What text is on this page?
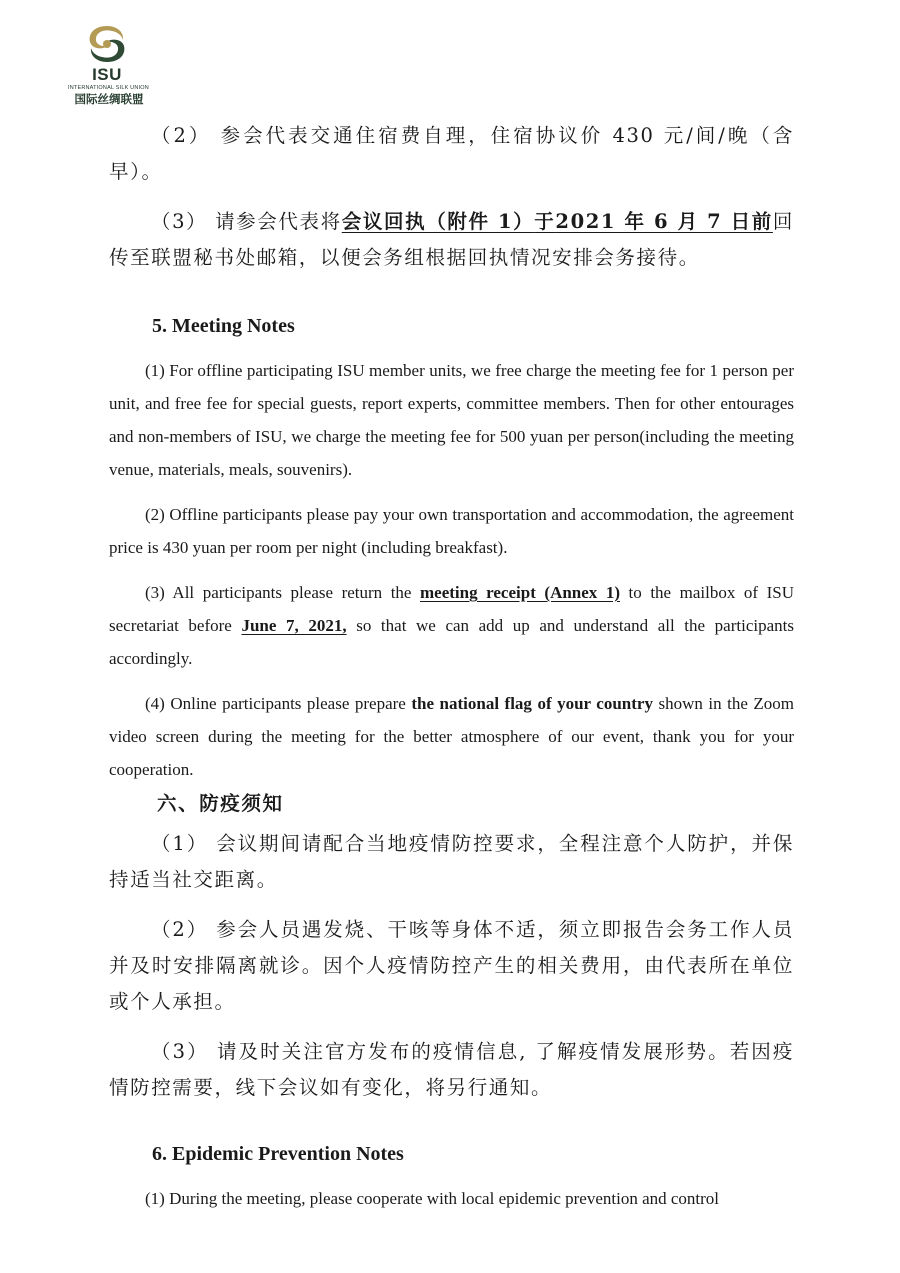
ISU
INTERNATIONAL SILK UNION
国际丝绸联盟

（2） 参会代表交通住宿费自理，住宿协议价 430 元/间/晚（含早）。

（3） 请参会代表将会议回执（附件 1）于2021 年 6 月 7 日前回传至联盟秘书处邮箱，以便会务组根据回执情况安排会务接待。

5. Meeting Notes

(1) For offline participating ISU member units, we free charge the meeting fee for 1 person per unit, and free fee for special guests, report experts, committee members. Then for other entourages and non-members of ISU, we charge the meeting fee for 500 yuan per person(including the meeting venue, materials, meals, souvenirs).

(2) Offline participants please pay your own transportation and accommodation, the agreement price is 430 yuan per room per night (including breakfast).

(3) All participants please return the meeting receipt (Annex 1) to the mailbox of ISU secretariat before June 7, 2021, so that we can add up and understand all the participants accordingly.

(4) Online participants please prepare the national flag of your country shown in the Zoom video screen during the meeting for the better atmosphere of our event, thank you for your cooperation.

六、防疫须知

（1） 会议期间请配合当地疫情防控要求，全程注意个人防护，并保持适当社交距离。

（2） 参会人员遇发烧、干咳等身体不适，须立即报告会务工作人员并及时安排隔离就诊。因个人疫情防控产生的相关费用，由代表所在单位或个人承担。

（3） 请及时关注官方发布的疫情信息, 了解疫情发展形势。若因疫情防控需要，线下会议如有变化，将另行通知。

6. Epidemic Prevention Notes

(1) During the meeting, please cooperate with local epidemic prevention and control
